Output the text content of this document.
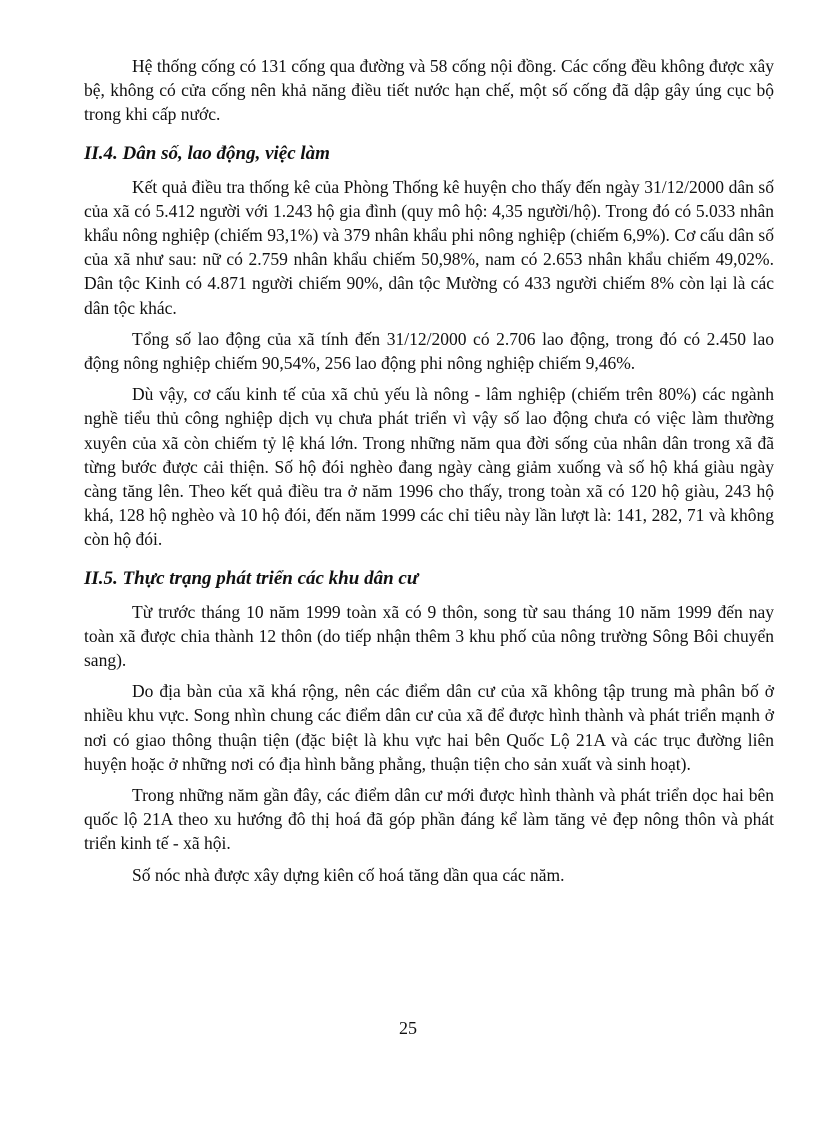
Hệ thống cống có 131 cống qua đường và 58 cống nội đồng. Các cống đều không được xây bệ, không có cửa cống nên khả năng điều tiết nước hạn chế, một số cống đã dập gây úng cục bộ trong khi cấp nước.

II.4. Dân số, lao động, việc làm

Kết quả điều tra thống kê của Phòng Thống kê huyện cho thấy đến ngày 31/12/2000 dân số của xã có 5.412 người với 1.243 hộ gia đình (quy mô hộ: 4,35 người/hộ). Trong đó có 5.033 nhân khẩu nông nghiệp (chiếm 93,1%) và 379 nhân khẩu phi nông nghiệp (chiếm 6,9%). Cơ cấu dân số của xã như sau: nữ có 2.759 nhân khẩu chiếm 50,98%, nam có 2.653 nhân khẩu chiếm 49,02%. Dân tộc Kinh có 4.871 người chiếm 90%, dân tộc Mường có 433 người chiếm 8% còn lại là các dân tộc khác.

Tổng số lao động của xã tính đến 31/12/2000 có 2.706 lao động, trong đó có 2.450 lao động nông nghiệp chiếm 90,54%, 256 lao động phi nông nghiệp chiếm 9,46%.

Dù vậy, cơ cấu kinh tế của xã chủ yếu là nông - lâm nghiệp (chiếm trên 80%) các ngành nghề tiểu thủ công nghiệp dịch vụ chưa phát triển vì vậy số lao động chưa có việc làm thường xuyên của xã còn chiếm tỷ lệ khá lớn. Trong những năm qua đời sống của nhân dân trong xã đã từng bước được cải thiện. Số hộ đói nghèo đang ngày càng giảm xuống và số hộ khá giàu ngày càng tăng lên. Theo kết quả điều tra ở năm 1996 cho thấy, trong toàn xã có 120 hộ giàu, 243 hộ khá, 128 hộ nghèo và 10 hộ đói, đến năm 1999 các chỉ tiêu này lần lượt là: 141, 282, 71 và không còn hộ đói.

II.5. Thực trạng phát triển các khu dân cư

Từ trước tháng 10 năm 1999 toàn xã có 9 thôn, song từ sau tháng 10 năm 1999 đến nay toàn xã được chia thành 12 thôn (do tiếp nhận thêm 3 khu phố của nông trường Sông Bôi chuyển sang).

Do địa bàn của xã khá rộng, nên các điểm dân cư của xã không tập trung mà phân bố ở nhiều khu vực. Song nhìn chung các điểm dân cư của xã để được hình thành và phát triển mạnh ở nơi có giao thông thuận tiện (đặc biệt là khu vực hai bên Quốc Lộ 21A và các trục đường liên huyện hoặc ở những nơi có địa hình bằng phẳng, thuận tiện cho sản xuất và sinh hoạt).

Trong những năm gần đây, các điểm dân cư mới được hình thành và phát triển dọc hai bên quốc lộ 21A theo xu hướng đô thị hoá đã góp phần đáng kể làm tăng vẻ đẹp nông thôn và phát triển kinh tế - xã hội.

Số nóc nhà được xây dựng kiên cố hoá tăng dần qua các năm.

25
